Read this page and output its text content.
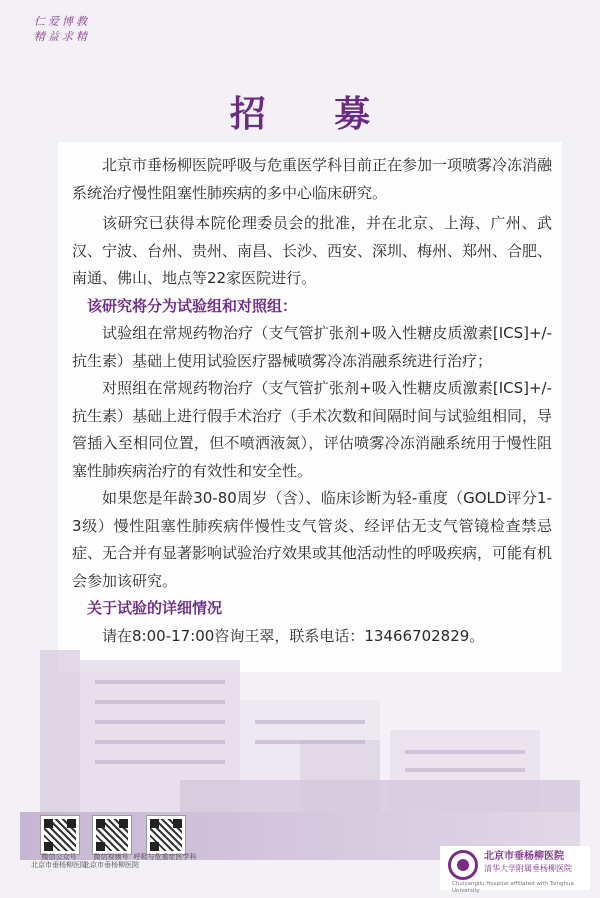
仁爱博教
精益求精
招 募

北京市垂杨柳医院呼吸与危重医学科目前正在参加一项喷雾冷冻消融系统治疗慢性阻塞性肺疾病的多中心临床研究。

该研究已获得本院伦理委员会的批准，并在北京、上海、广州、武汉、宁波、台州、贵州、南昌、长沙、西安、深圳、梅州、郑州、合肥、南通、佛山、地点等22家医院进行。

该研究将分为试验组和对照组：

试验组在常规药物治疗（支气管扩张剂+吸入性糖皮质激素[ICS]+/-抗生素）基础上使用试验医疗器械喷雾冷冻消融系统进行治疗；

对照组在常规药物治疗（支气管扩张剂+吸入性糖皮质激素[ICS]+/-抗生素）基础上进行假手术治疗（手术次数和间隔时间与试验组相同，导管插入至相同位置，但不喷洒液氮），评估喷雾冷冻消融系统用于慢性阻塞性肺疾病治疗的有效性和安全性。

如果您是年龄30-80周岁（含）、临床诊断为轻-重度（GOLD评分1-3级）慢性阻塞性肺疾病伴慢性支气管炎、经评估无支气管镜检查禁忌症、无合并有显著影响试验治疗效果或其他活动性的呼吸疾病，可能有机会参加该研究。

关于试验的详细情况

请在8:00-17:00咨询王翠，联系电话：13466702829。

微信公众号
北京市垂杨柳医院
微信视频号
北京市垂杨柳医院
呼吸与危重症医学科	北京市垂杨柳医院
清华大学附属垂杨柳医院
Chuiyangliu Hospital affiliated with Tsinghua University
